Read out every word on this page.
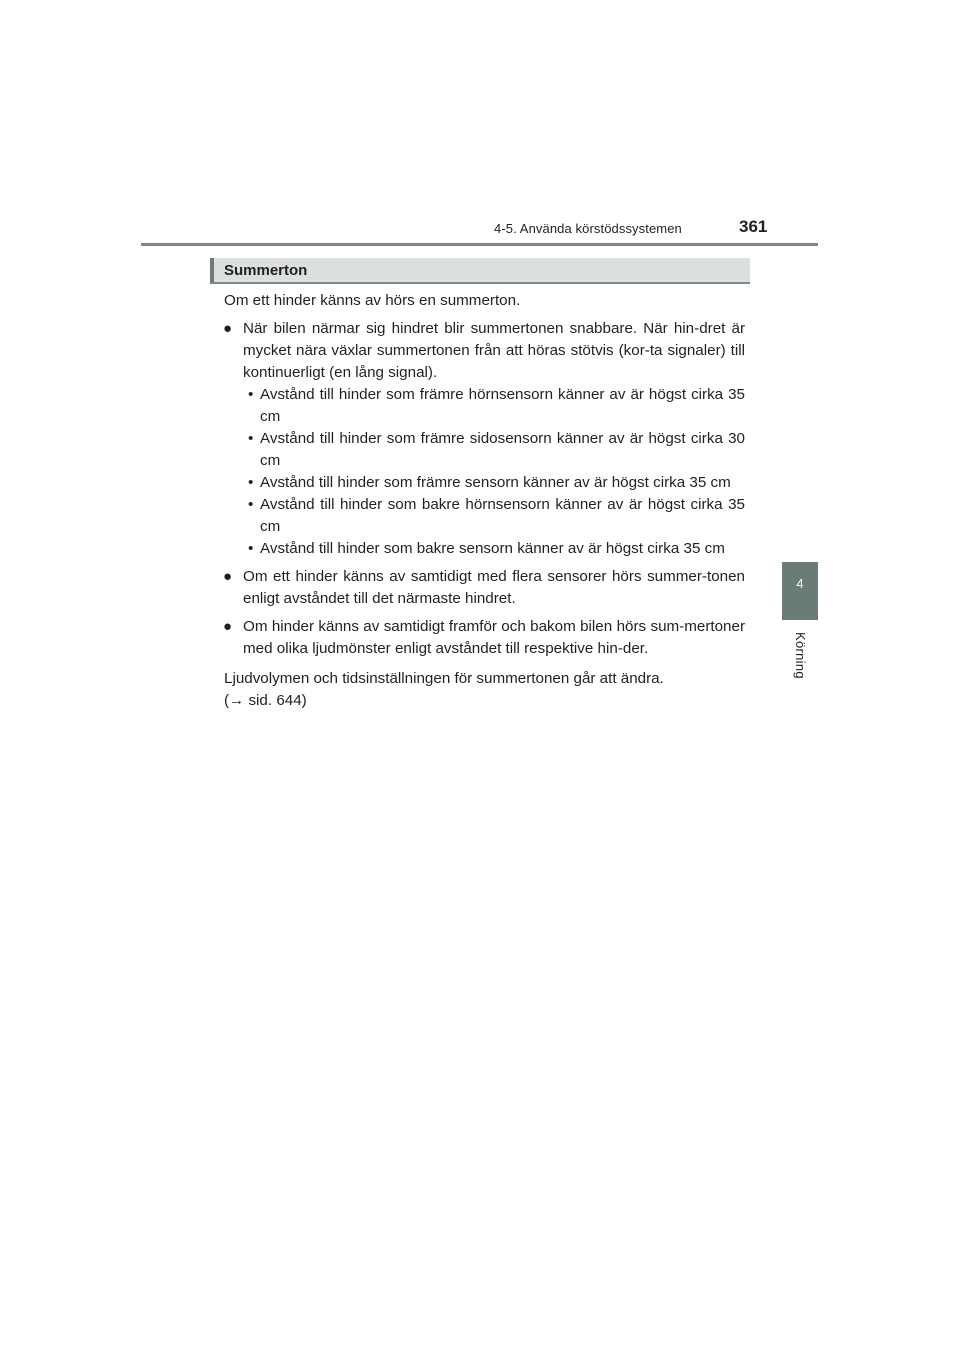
4-5. Använda körstödssystemen	361
4
Körning
Summerton

Om ett hinder känns av hörs en summerton.

● När bilen närmar sig hindret blir summertonen snabbare. När hin-dret är mycket nära växlar summertonen från att höras stötvis (kor-ta signaler) till kontinuerligt (en lång signal).
• Avstånd till hinder som främre hörnsensorn känner av är högst cirka 35 cm
• Avstånd till hinder som främre sidosensorn känner av är högst cirka 30 cm
• Avstånd till hinder som främre sensorn känner av är högst cirka 35 cm
• Avstånd till hinder som bakre hörnsensorn känner av är högst cirka 35 cm
• Avstånd till hinder som bakre sensorn känner av är högst cirka 35 cm
● Om ett hinder känns av samtidigt med flera sensorer hörs summer-tonen enligt avståndet till det närmaste hindret.
● Om hinder känns av samtidigt framför och bakom bilen hörs sum-mertoner med olika ljudmönster enligt avståndet till respektive hin-der.

Ljudvolymen och tidsinställningen för summertonen går att ändra.
(→ sid. 644)
